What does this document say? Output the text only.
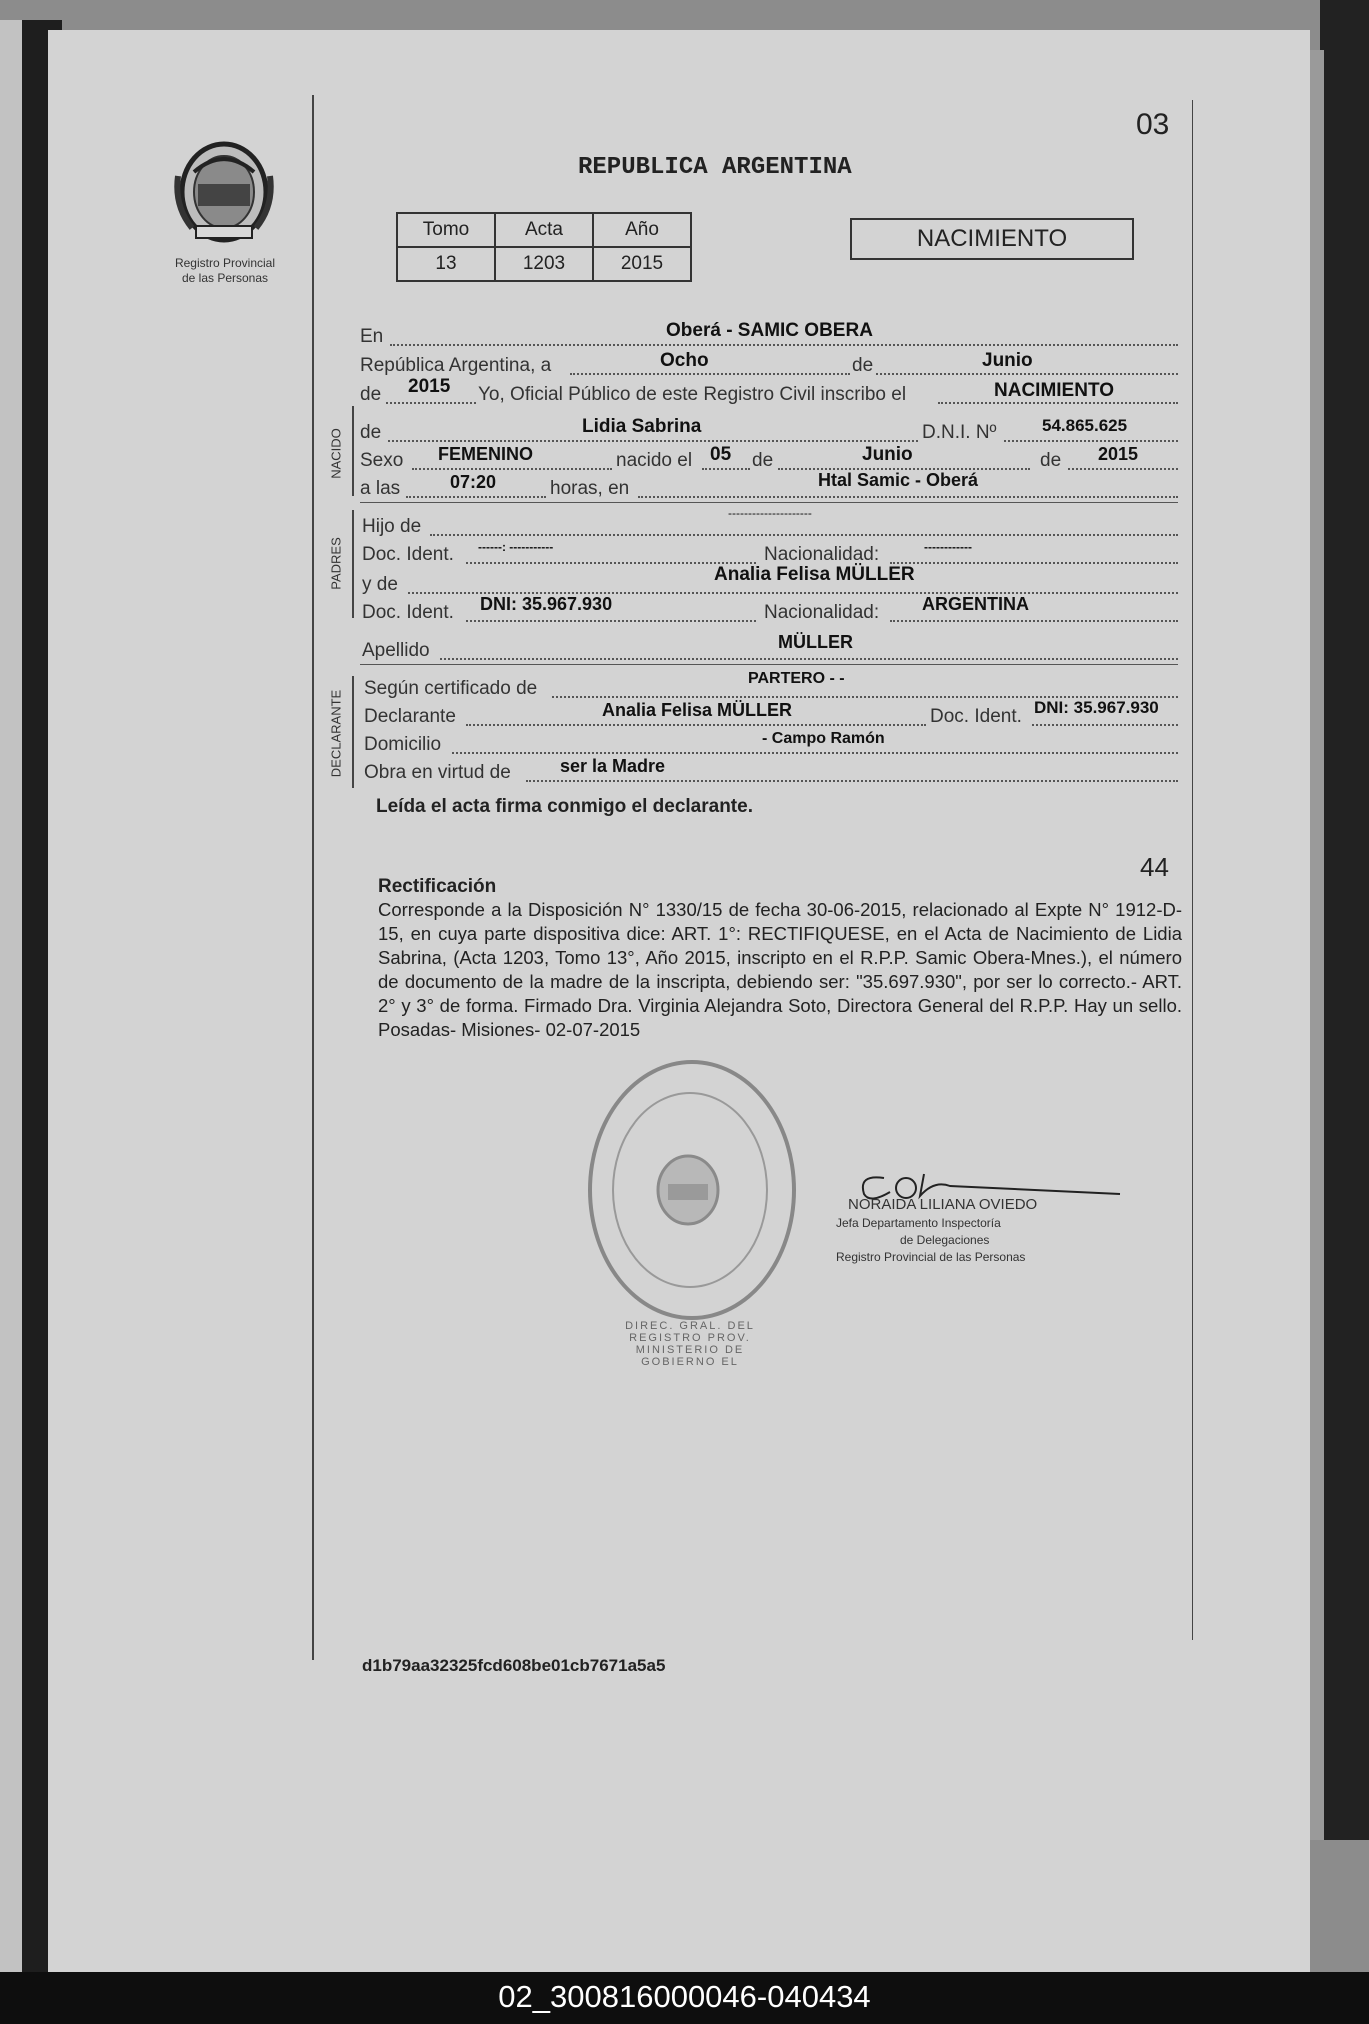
Registro Provincial
de las Personas
03
REPUBLICA ARGENTINA
Tomo	Acta	Año
13	1203	2015
NACIMIENTO
En	Oberá - SAMIC OBERA
República Argentina, a	Ocho	de	Junio
de 2015 Yo, Oficial Público de este Registro Civil inscribo el	NACIMIENTO
NACIDO de	Lidia Sabrina	D.N.I. Nº	54.865.625
Sexo FEMENINO	nacido el 05 de	Junio	de 2015
a las	07:20	horas, en	Htal Samic - Oberá
PADRES
Hijo de
---------------------
Doc. Ident. ------: -----------	Nacionalidad:	------------
y de	Analia Felisa MÜLLER
Doc. Ident. DNI: 35.967.930	Nacionalidad: ARGENTINA
Apellido	MÜLLER
DECLARANTE
Según certificado de	PARTERO - -
Declarante	Analia Felisa MÜLLER	Doc. Ident. DNI: 35.967.930
Domicilio	- Campo Ramón
Obra en virtud de	ser la Madre
Leída el acta firma conmigo el declarante.
44
Rectificación
Corresponde a la Disposición N° 1330/15 de fecha 30-06-2015, relacionado al Expte N° 1912-D-15, en cuya parte dispositiva dice: ART. 1°: RECTIFIQUESE, en el Acta de Nacimiento de Lidia Sabrina, (Acta 1203, Tomo 13°, Año 2015, inscripto en el R.P.P. Samic Obera-Mnes.), el número de documento de la madre de la inscripta, debiendo ser: "35.697.930", por ser lo correcto.- ART. 2° y 3° de forma. Firmado Dra. Virginia Alejandra Soto, Directora General del R.P.P. Hay un sello. Posadas- Misiones- 02-07-2015
DIREC. GRAL. DEL REGISTRO PROV. MINISTERIO DE GOBIERNO EL
NORAIDA LILIANA OVIEDO
Jefa Departamento Inspectoría
de Delegaciones
Registro Provincial de las Personas
d1b79aa32325fcd608be01cb7671a5a5
02_300816000046-040434
